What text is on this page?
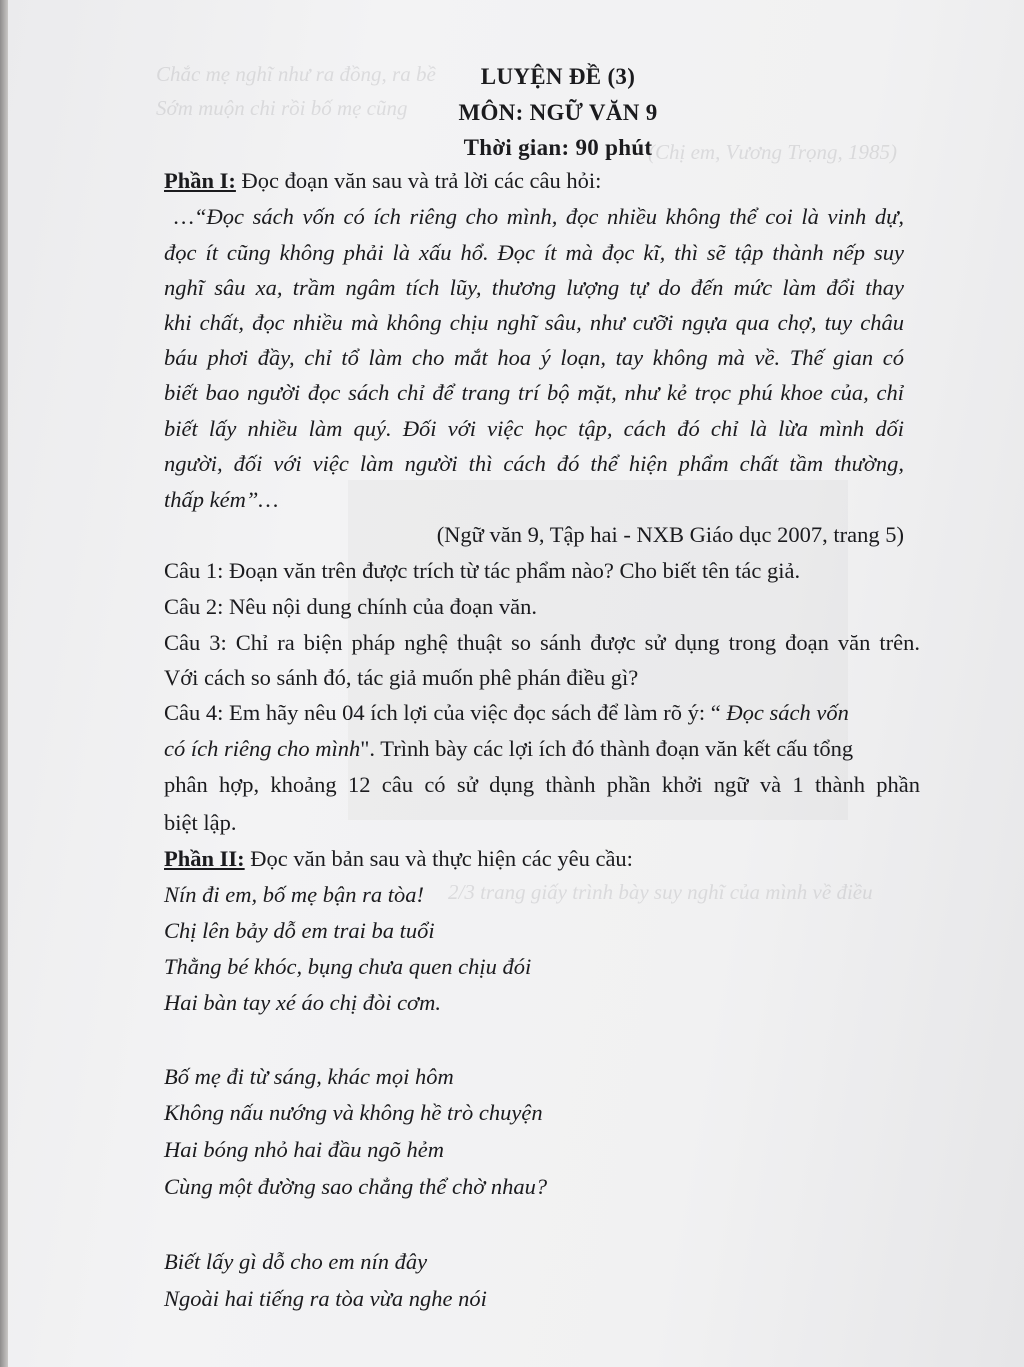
Chắc mẹ nghĩ như ra đồng, ra bề
Sớm muộn chi rồi bố mẹ cũng
(Chị em, Vương Trọng, 1985)
2/3 trang giấy trình bày suy nghĩ của mình về điều
LUYỆN ĐỀ (3)
MÔN: NGỮ VĂN 9
Thời gian: 90 phút
Phần I: Đọc đoạn văn sau và trả lời các câu hỏi:
…“Đọc sách vốn có ích riêng cho mình, đọc nhiều không thể coi là vinh dự,
đọc ít cũng không phải là xấu hổ. Đọc ít mà đọc kĩ, thì sẽ tập thành nếp suy
nghĩ sâu xa, trầm ngâm tích lũy, thương lượng tự do đến mức làm đổi thay
khi chất, đọc nhiều mà không chịu nghĩ sâu, như cưỡi ngựa qua chợ, tuy châu
báu phơi đầy, chỉ tổ làm cho mắt hoa ý loạn, tay không mà về. Thế gian có
biết bao người đọc sách chỉ để trang trí bộ mặt, như kẻ trọc phú khoe của, chỉ
biết lấy nhiều làm quý. Đối với việc học tập, cách đó chỉ là lừa mình dối
người, đối với việc làm người thì cách đó thể hiện phẩm chất tầm thường,
thấp kém”…
(Ngữ văn 9, Tập hai - NXB Giáo dục 2007, trang 5)
Câu 1: Đoạn văn trên được trích từ tác phẩm nào? Cho biết tên tác giả.
Câu 2: Nêu nội dung chính của đoạn văn.
Câu 3: Chỉ ra biện pháp nghệ thuật so sánh được sử dụng trong đoạn văn trên.
Với cách so sánh đó, tác giả muốn phê phán điều gì?
Câu 4: Em hãy nêu 04 ích lợi của việc đọc sách để làm rõ ý: “ Đọc sách vốn
có ích riêng cho mình". Trình bày các lợi ích đó thành đoạn văn kết cấu tổng
phân hợp, khoảng 12 câu có sử dụng thành phần khởi ngữ và 1 thành phần
biệt lập.
Phần II: Đọc văn bản sau và thực hiện các yêu cầu:
Nín đi em, bố mẹ bận ra tòa!
Chị lên bảy dỗ em trai ba tuổi
Thằng bé khóc, bụng chưa quen chịu đói
Hai bàn tay xé áo chị đòi cơm.
Bố mẹ đi từ sáng, khác mọi hôm
Không nấu nướng và không hề trò chuyện
Hai bóng nhỏ hai đầu ngõ hẻm
Cùng một đường sao chẳng thể chờ nhau?
Biết lấy gì dỗ cho em nín đây
Ngoài hai tiếng ra tòa vừa nghe nói
